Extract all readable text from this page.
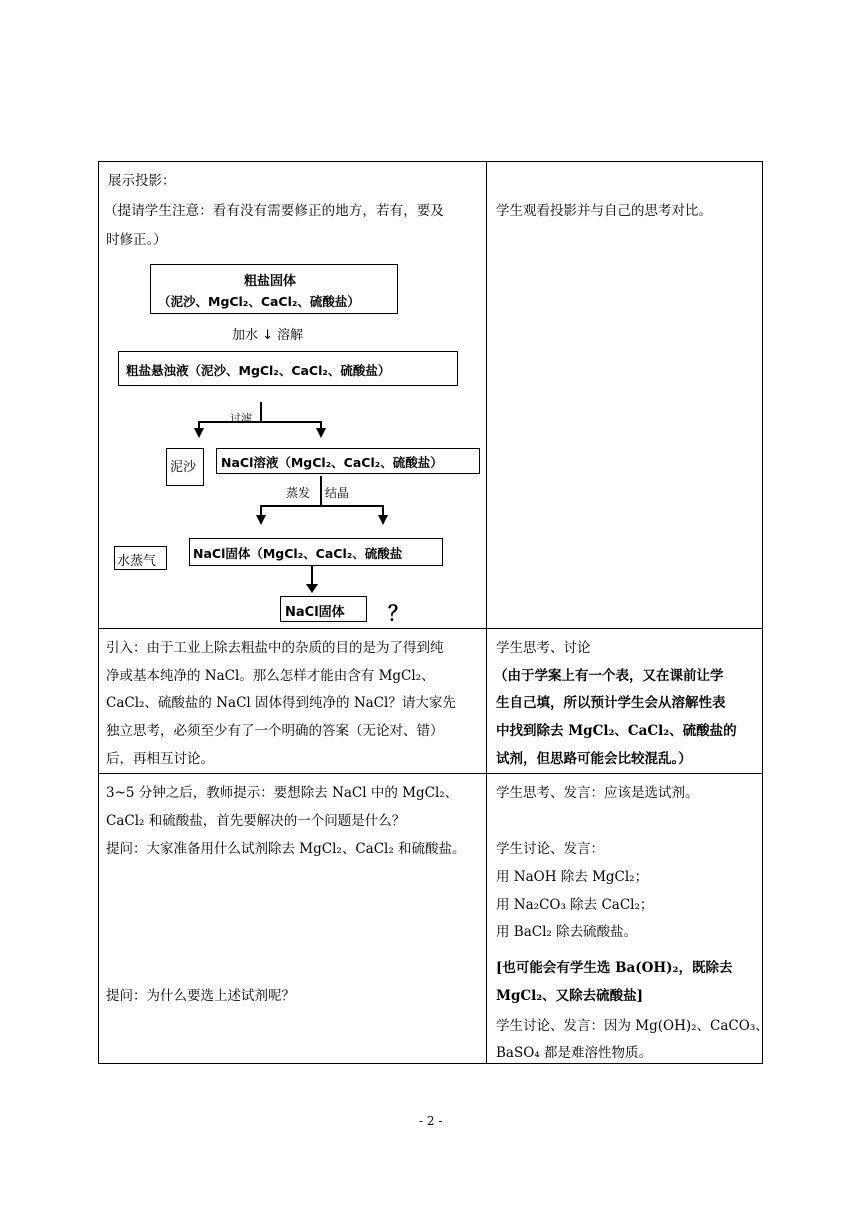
展示投影：
（提请学生注意：看有没有需要修正的地方，若有，要及
时修正。）
学生观看投影并与自己的思考对比。
粗盐固体
（泥沙、MgCl₂、CaCl₂、硫酸盐）
加水 ↓ 溶解
粗盐悬浊液（泥沙、MgCl₂、CaCl₂、硫酸盐）
过滤
泥沙 NaCl溶液（MgCl₂、CaCl₂、硫酸盐）
蒸发 结晶
水蒸气
NaCl固体（MgCl₂、CaCl₂、硫酸盐
NaCl固体 ？
引入：由于工业上除去粗盐中的杂质的目的是为了得到纯
净或基本纯净的 NaCl。那么怎样才能由含有 MgCl₂、
CaCl₂、硫酸盐的 NaCl 固体得到纯净的 NaCl？请大家先
独立思考，必须至少有了一个明确的答案（无论对、错）
后，再相互讨论。
学生思考、讨论
（由于学案上有一个表，又在课前让学
生自己填，所以预计学生会从溶解性表
中找到除去 MgCl₂、CaCl₂、硫酸盐的
试剂，但思路可能会比较混乱。）
3~5 分钟之后，教师提示：要想除去 NaCl 中的 MgCl₂、
CaCl₂ 和硫酸盐，首先要解决的一个问题是什么？
提问：大家准备用什么试剂除去 MgCl₂、CaCl₂ 和硫酸盐。
提问：为什么要选上述试剂呢？
学生思考、发言：应该是选试剂。
学生讨论、发言：
用 NaOH 除去 MgCl₂；
用 Na₂CO₃ 除去 CaCl₂；
用 BaCl₂ 除去硫酸盐。
[也可能会有学生选 Ba(OH)₂，既除去
MgCl₂、又除去硫酸盐]
学生讨论、发言：因为 Mg(OH)₂、CaCO₃、
BaSO₄ 都是难溶性物质。
- 2 -
